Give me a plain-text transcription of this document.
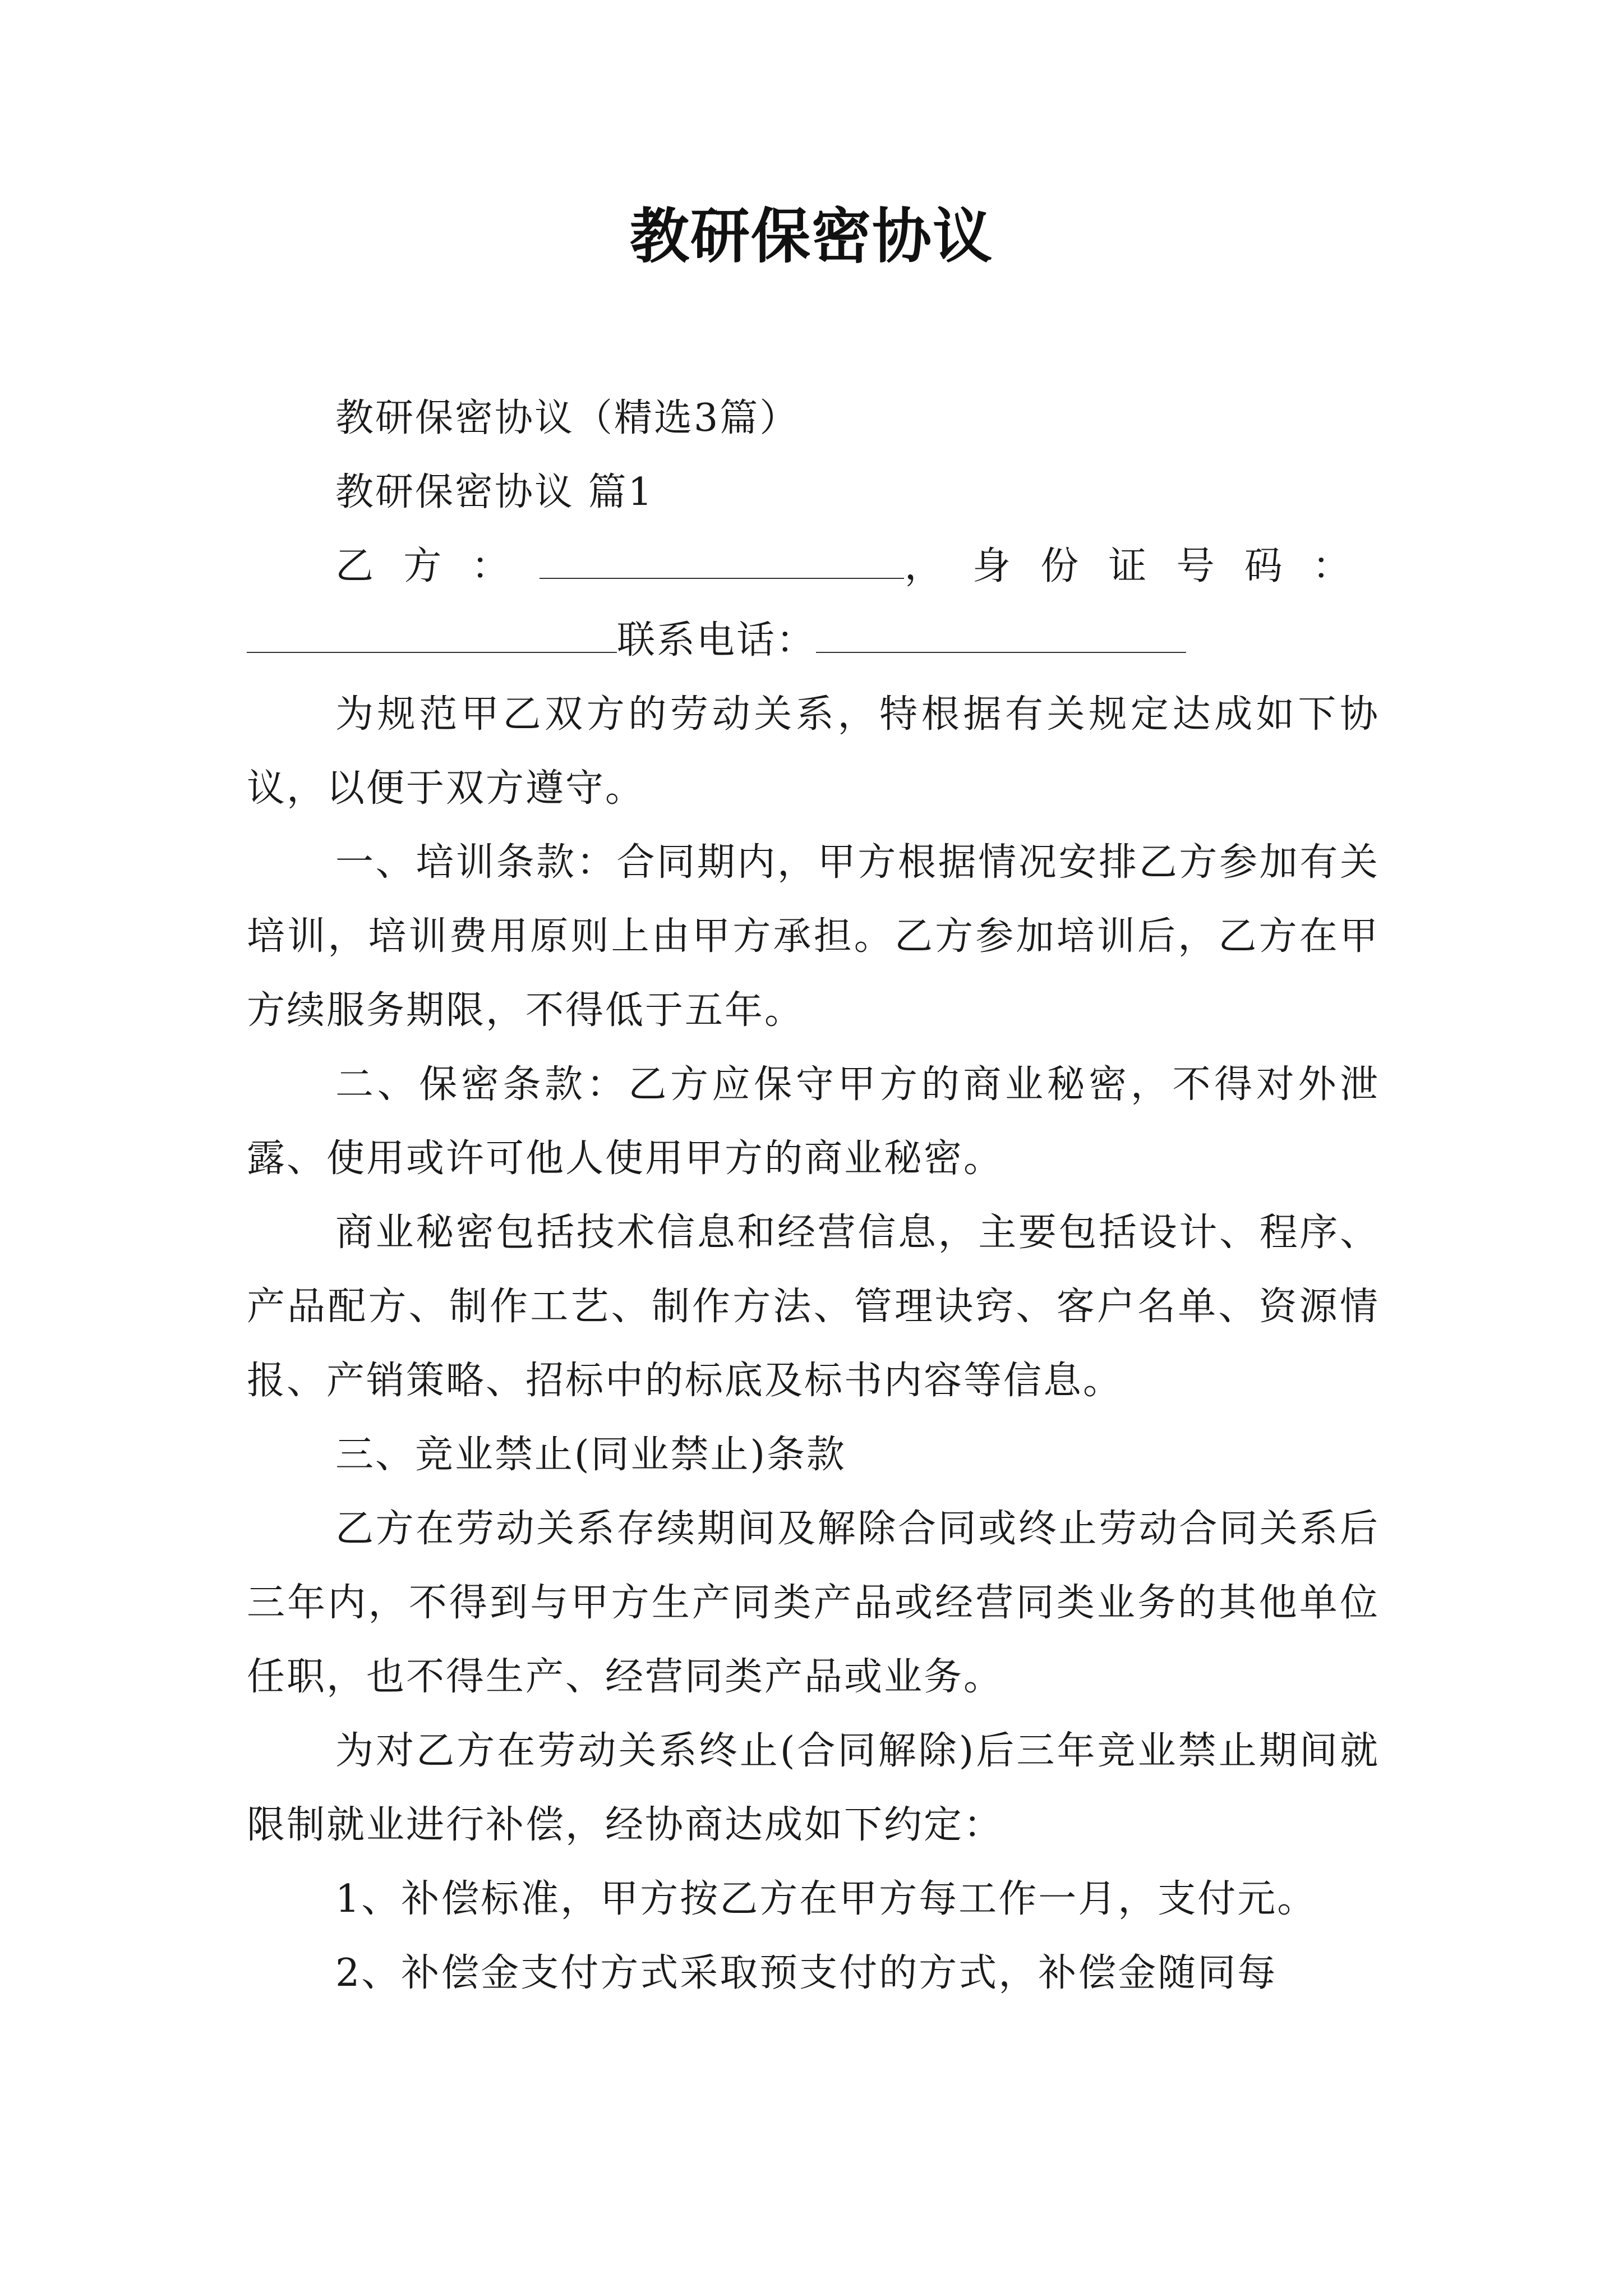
教研保密协议

教研保密协议（精选3篇）

教研保密协议 篇1

乙方：	，身份证号码：

联系电话：

为规范甲乙双方的劳动关系，特根据有关规定达成如下协议，以便于双方遵守。

一、培训条款：合同期内，甲方根据情况安排乙方参加有关培训，培训费用原则上由甲方承担。乙方参加培训后，乙方在甲方续服务期限，不得低于五年。

二、保密条款：乙方应保守甲方的商业秘密，不得对外泄露、使用或许可他人使用甲方的商业秘密。

商业秘密包括技术信息和经营信息，主要包括设计、程序、产品配方、制作工艺、制作方法、管理诀窍、客户名单、资源情报、产销策略、招标中的标底及标书内容等信息。

三、竞业禁止(同业禁止)条款

乙方在劳动关系存续期间及解除合同或终止劳动合同关系后三年内，不得到与甲方生产同类产品或经营同类业务的其他单位任职，也不得生产、经营同类产品或业务。

为对乙方在劳动关系终止(合同解除)后三年竞业禁止期间就限制就业进行补偿，经协商达成如下约定：

1、补偿标准，甲方按乙方在甲方每工作一月，支付元。

2、补偿金支付方式采取预支付的方式，补偿金随同每
